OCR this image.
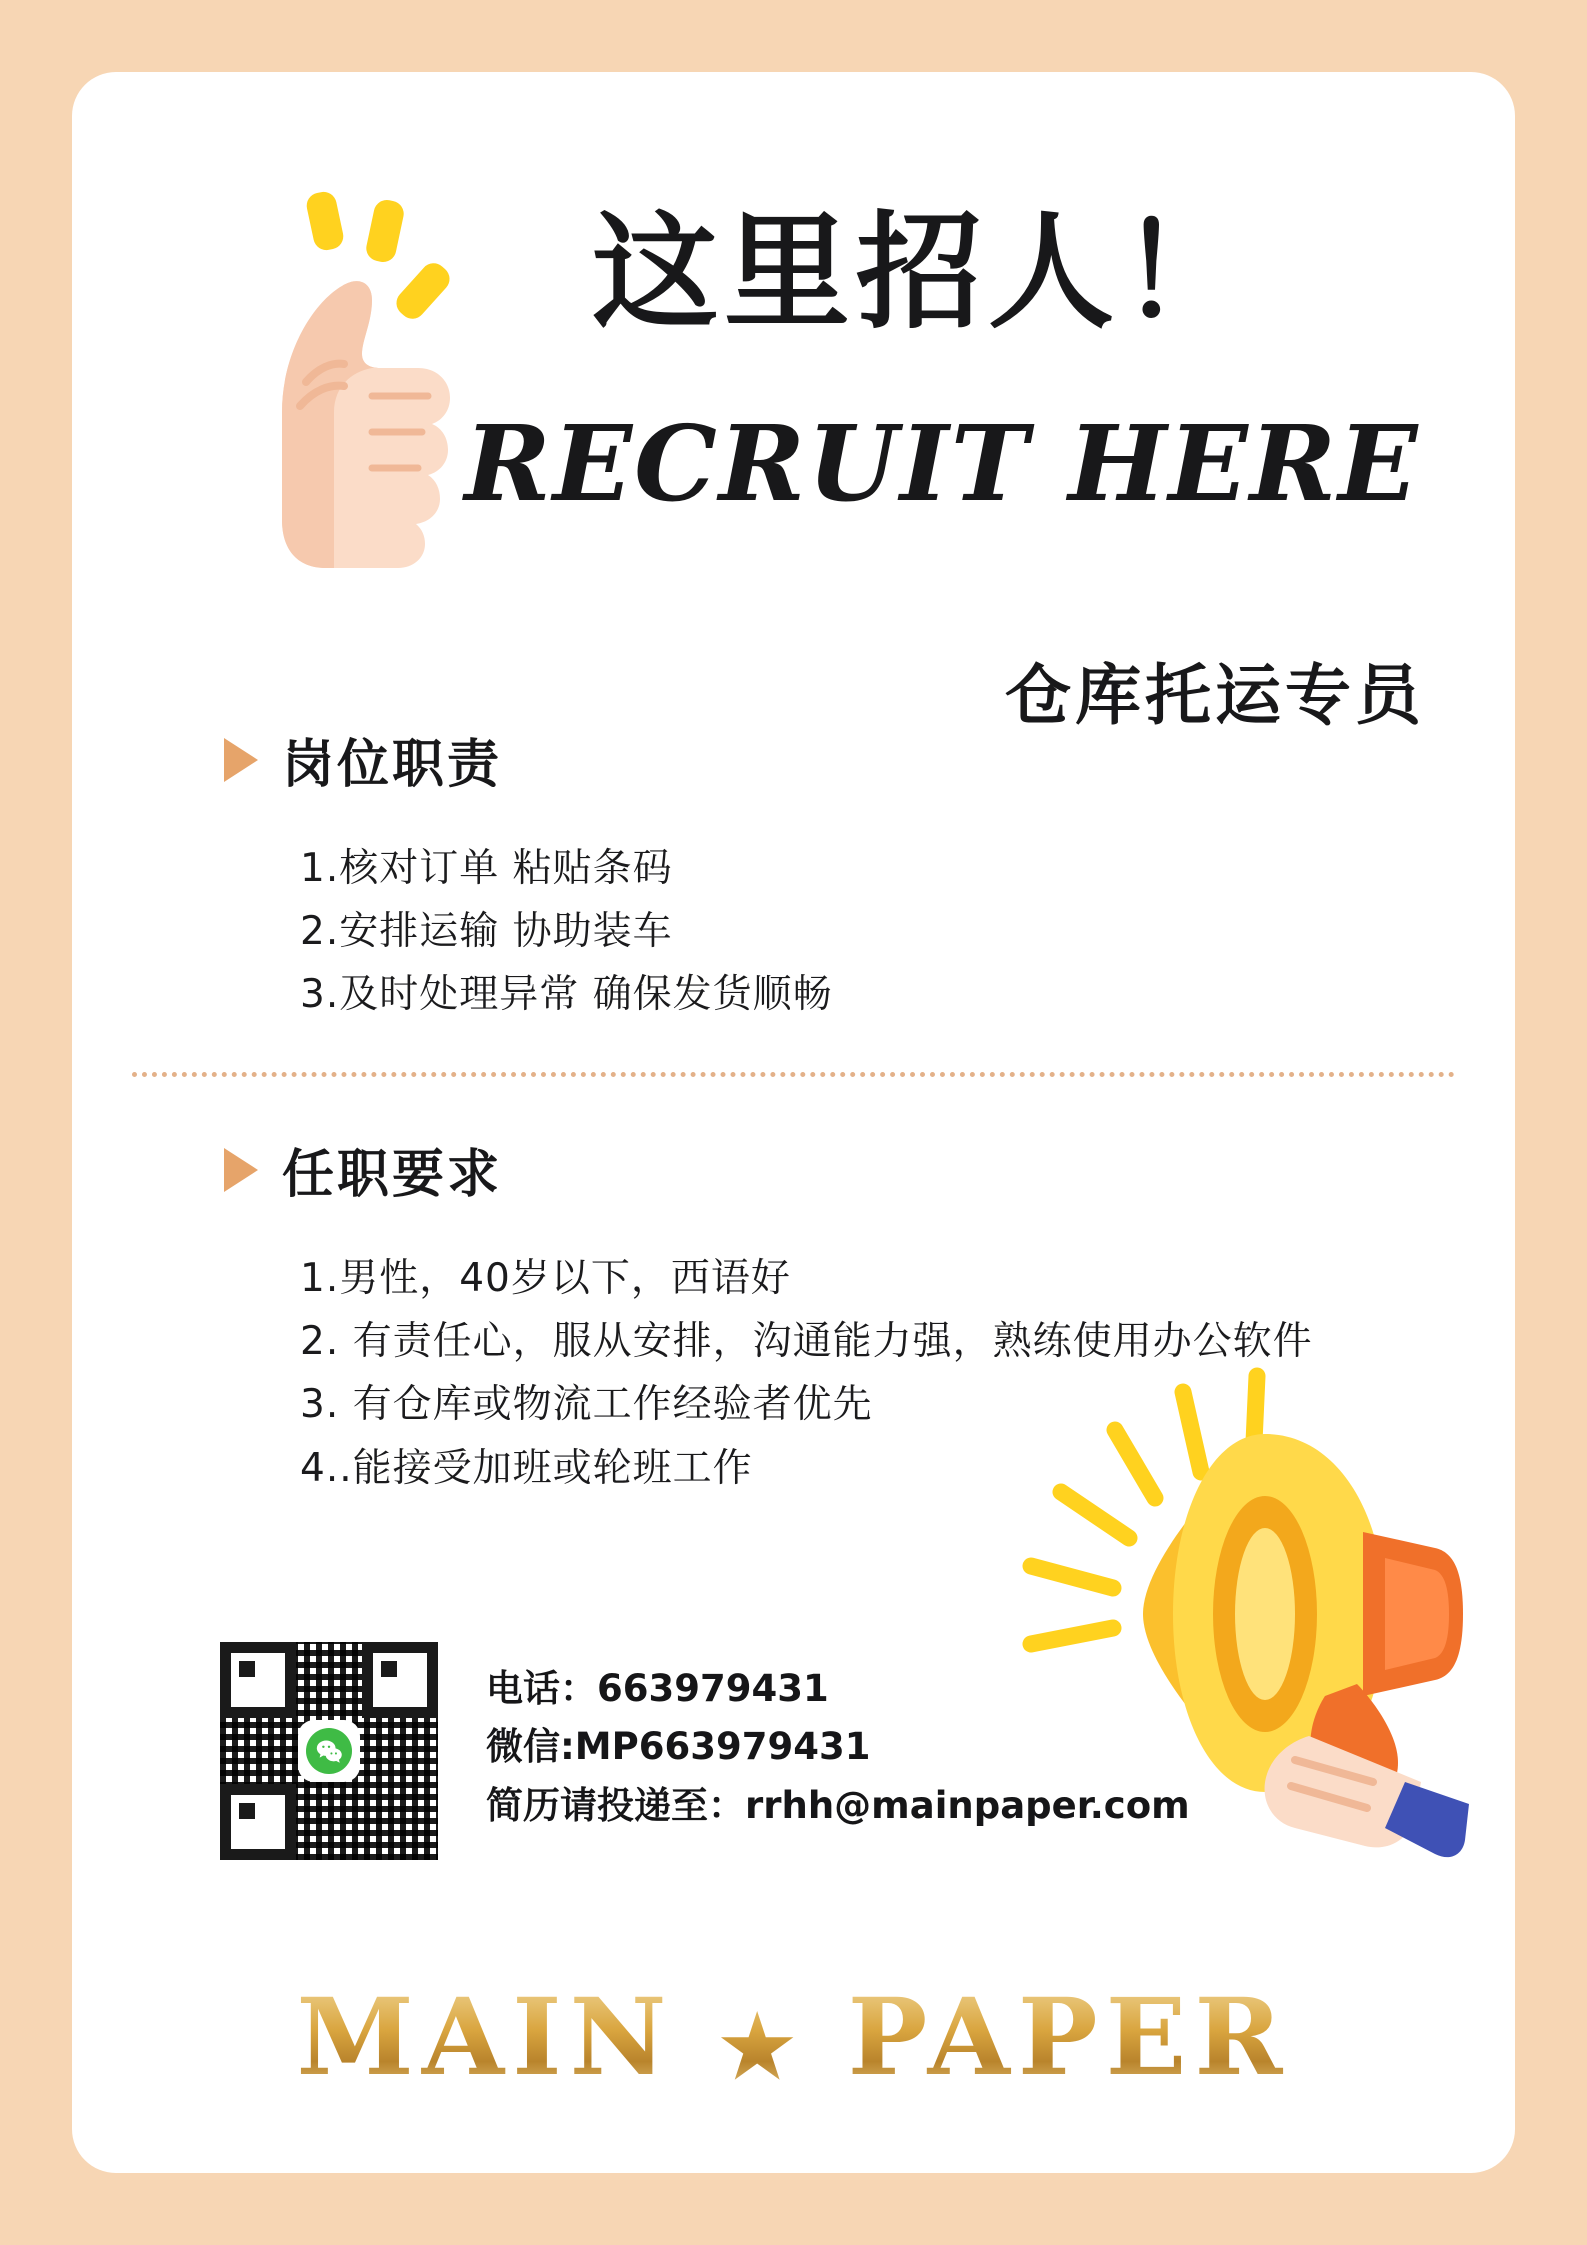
这里招人！
RECRUIT HERE
仓库托运专员
岗位职责
1.核对订单 粘贴条码
2.安排运输 协助装车
3.及时处理异常 确保发货顺畅
任职要求
1.男性，40岁以下，西语好
2. 有责任心，服从安排，沟通能力强，熟练使用办公软件
3. 有仓库或物流工作经验者优先
4..能接受加班或轮班工作
电话：663979431
微信:MP663979431
简历请投递至：rrhh@mainpaper.com
MAIN ★ PAPER
